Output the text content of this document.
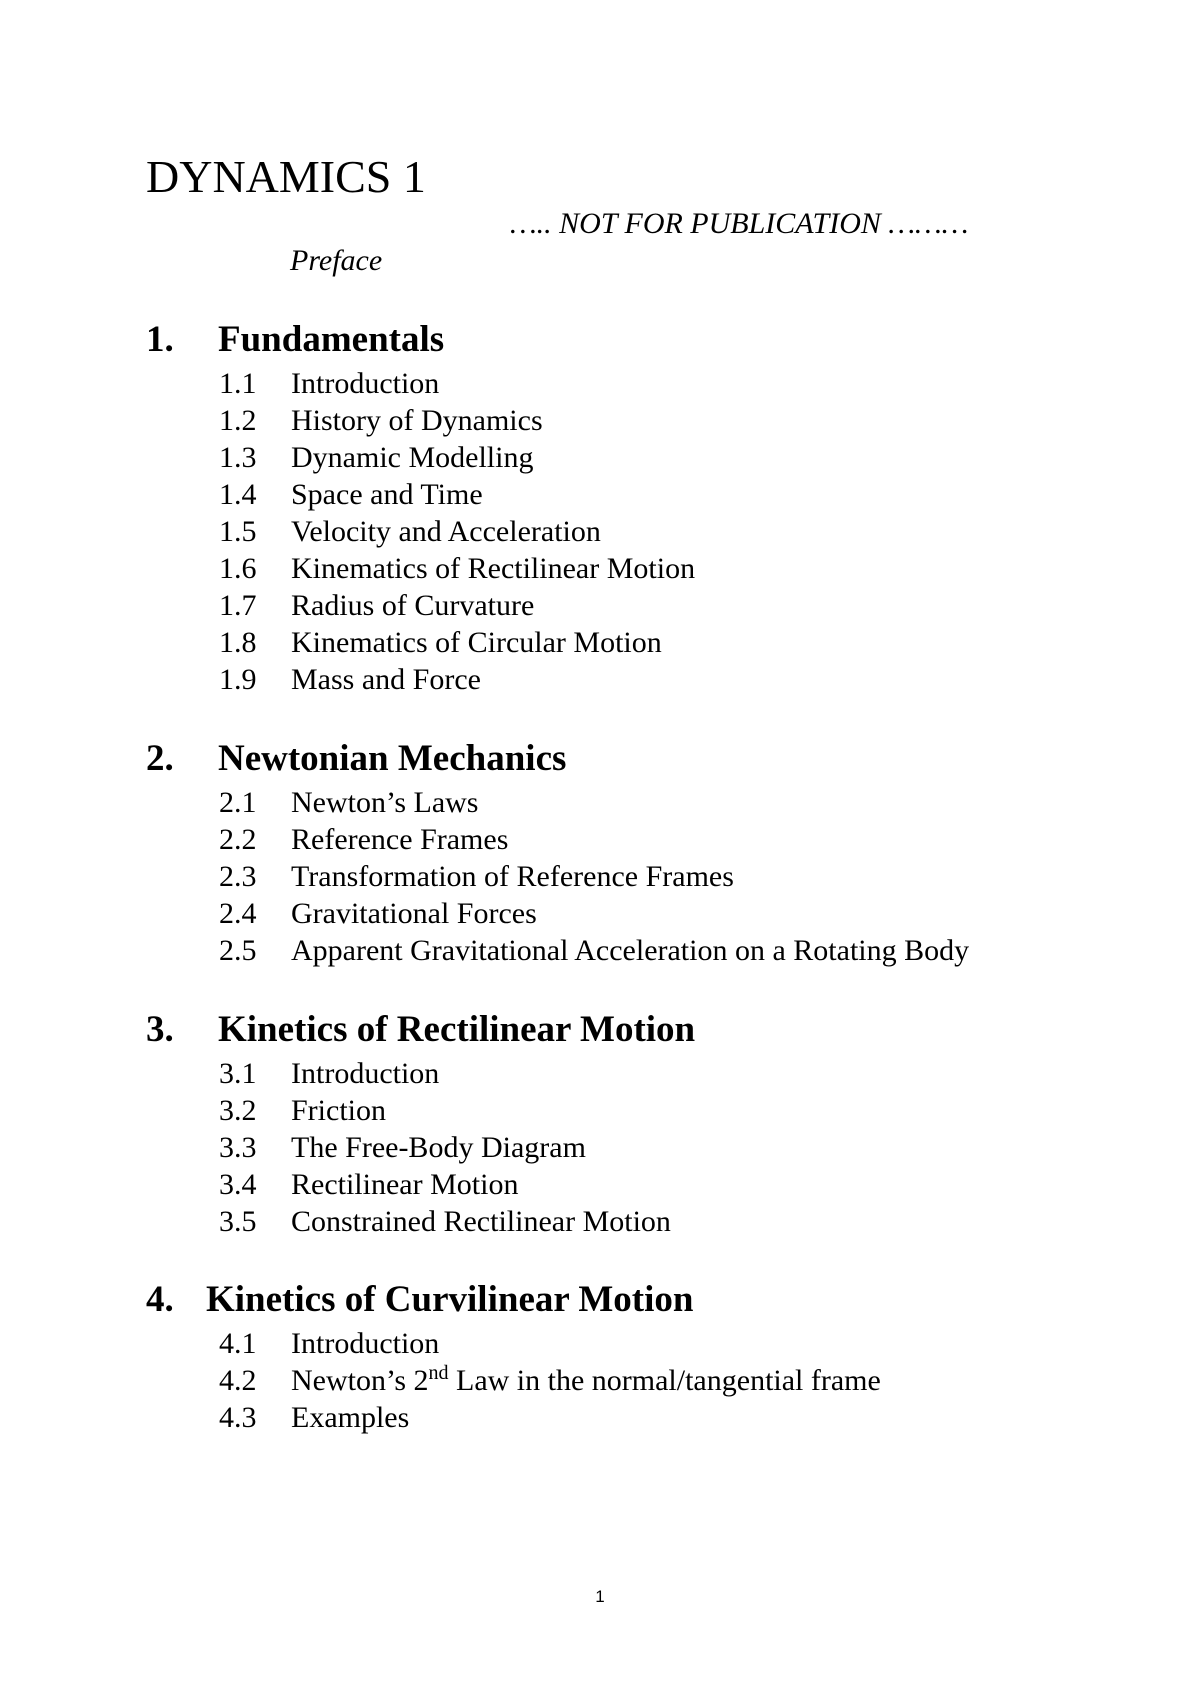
DYNAMICS 1
….. NOT FOR PUBLICATION ………
Preface
1. Fundamentals
1.1 Introduction
1.2 History of Dynamics
1.3 Dynamic Modelling
1.4 Space and Time
1.5 Velocity and Acceleration
1.6 Kinematics of Rectilinear Motion
1.7 Radius of Curvature
1.8 Kinematics of Circular Motion
1.9 Mass and Force
2. Newtonian Mechanics
2.1 Newton’s Laws
2.2 Reference Frames
2.3 Transformation of Reference Frames
2.4 Gravitational Forces
2.5 Apparent Gravitational Acceleration on a Rotating Body
3. Kinetics of Rectilinear Motion
3.1 Introduction
3.2 Friction
3.3 The Free-Body Diagram
3.4 Rectilinear Motion
3.5 Constrained Rectilinear Motion
4. Kinetics of Curvilinear Motion
4.1 Introduction
4.2 Newton’s 2nd Law in the normal/tangential frame
4.3 Examples
1
